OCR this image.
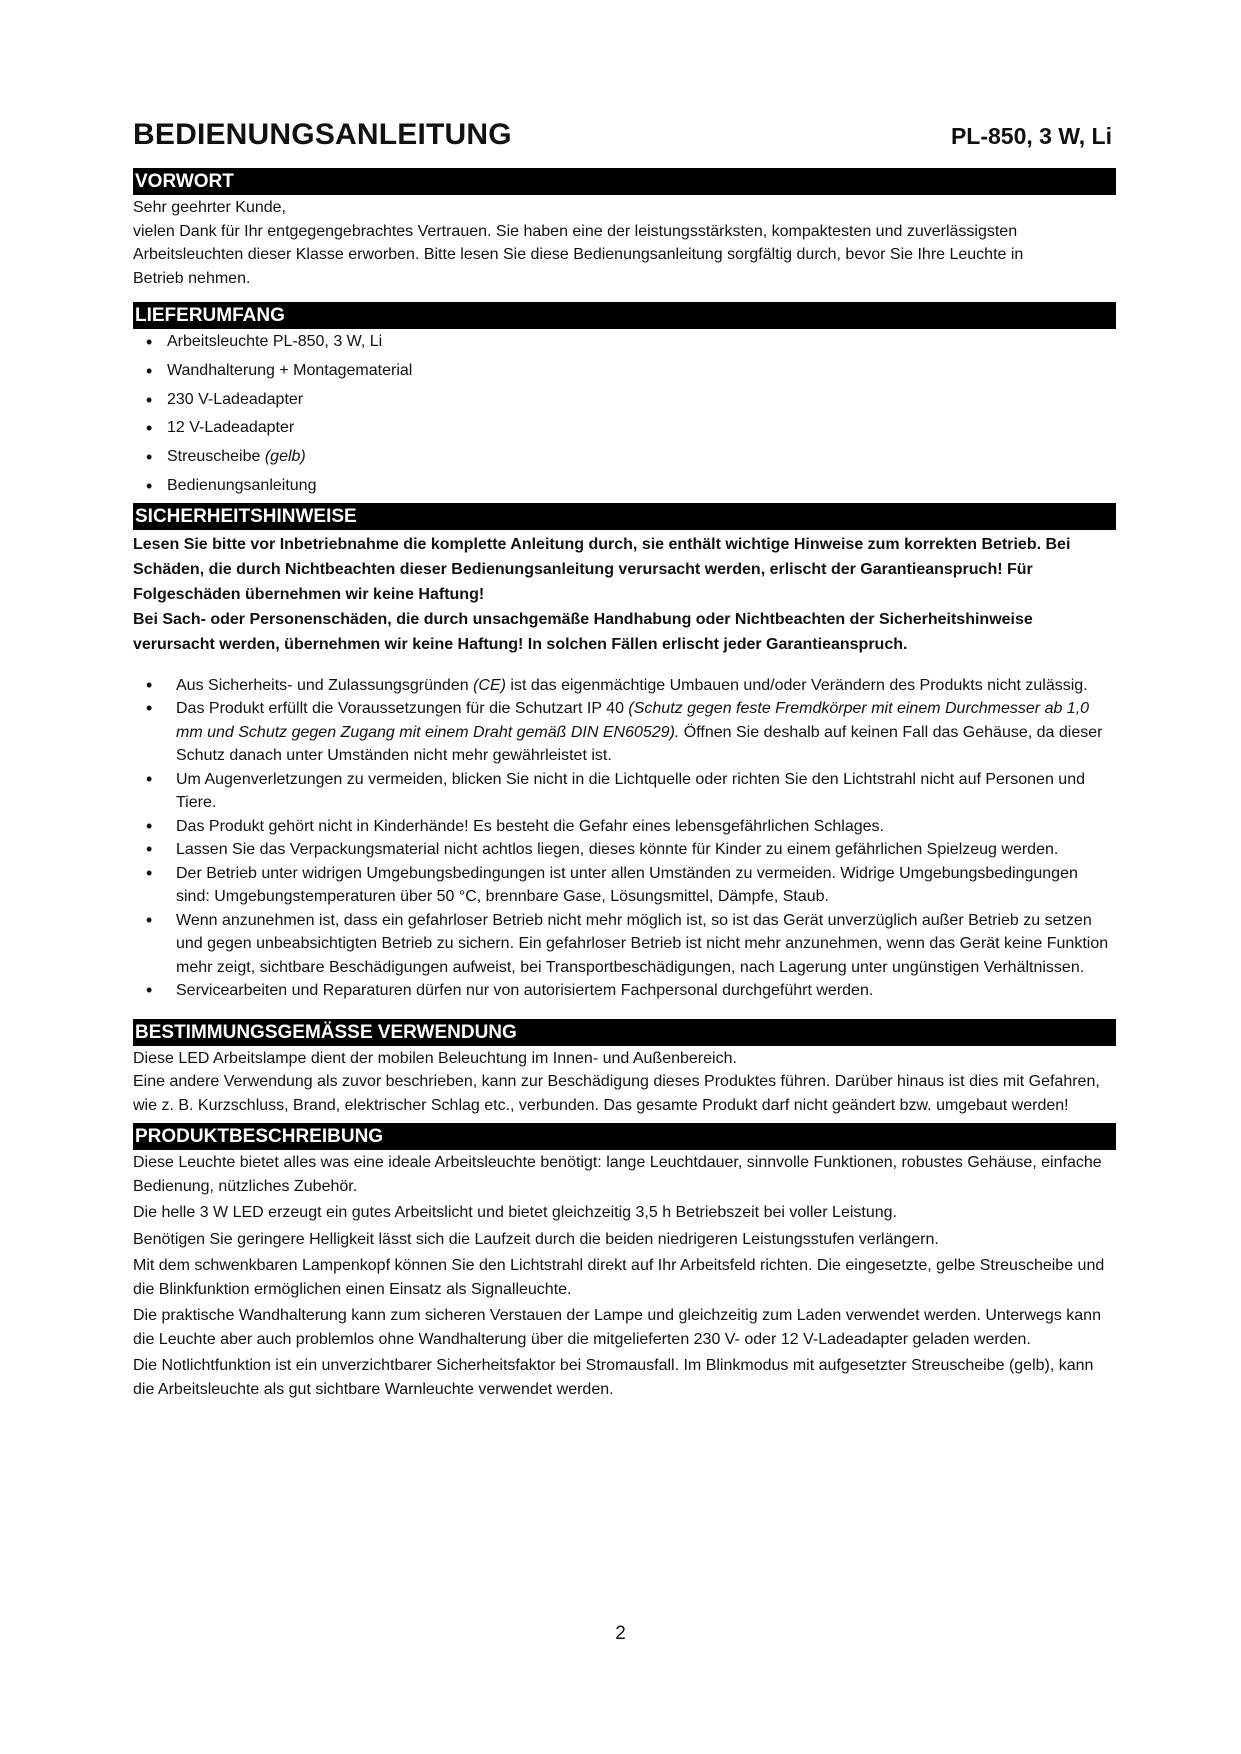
BEDIENUNGSANLEITUNG	PL-850, 3 W, Li
VORWORT

Sehr geehrter Kunde,

vielen Dank für Ihr entgegengebrachtes Vertrauen. Sie haben eine der leistungsstärksten, kompaktesten und zuverlässigsten Arbeitsleuchten dieser Klasse erworben. Bitte lesen Sie diese Bedienungsanleitung sorgfältig durch, bevor Sie Ihre Leuchte in Betrieb nehmen.

LIEFERUMFANG
• Arbeitsleuchte PL-850, 3 W, Li
• Wandhalterung + Montagematerial
• 230 V-Ladeadapter
• 12 V-Ladeadapter
• Streuscheibe (gelb)
• Bedienungsanleitung
SICHERHEITSHINWEISE

Lesen Sie bitte vor Inbetriebnahme die komplette Anleitung durch, sie enthält wichtige Hinweise zum korrekten Betrieb. Bei Schäden, die durch Nichtbeachten dieser Bedienungsanleitung verursacht werden, erlischt der Garantieanspruch! Für Folgeschäden übernehmen wir keine Haftung!

Bei Sach- oder Personenschäden, die durch unsachgemäße Handhabung oder Nichtbeachten der Sicherheitshinweise verursacht werden, übernehmen wir keine Haftung! In solchen Fällen erlischt jeder Garantieanspruch.

• Aus Sicherheits- und Zulassungsgründen (CE) ist das eigenmächtige Umbauen und/oder Verändern des Produkts nicht zulässig.
• Das Produkt erfüllt die Voraussetzungen für die Schutzart IP 40 (Schutz gegen feste Fremdkörper mit einem Durchmesser ab 1,0 mm und Schutz gegen Zugang mit einem Draht gemäß DIN EN60529). Öffnen Sie deshalb auf keinen Fall das Gehäuse, da dieser Schutz danach unter Umständen nicht mehr gewährleistet ist.
• Um Augenverletzungen zu vermeiden, blicken Sie nicht in die Lichtquelle oder richten Sie den Lichtstrahl nicht auf Personen und Tiere.
• Das Produkt gehört nicht in Kinderhände! Es besteht die Gefahr eines lebensgefährlichen Schlages.
• Lassen Sie das Verpackungsmaterial nicht achtlos liegen, dieses könnte für Kinder zu einem gefährlichen Spielzeug werden.
• Der Betrieb unter widrigen Umgebungsbedingungen ist unter allen Umständen zu vermeiden. Widrige Umgebungsbedingungen sind: Umgebungstemperaturen über 50 °C, brennbare Gase, Lösungsmittel, Dämpfe, Staub.
• Wenn anzunehmen ist, dass ein gefahrloser Betrieb nicht mehr möglich ist, so ist das Gerät unverzüglich außer Betrieb zu setzen und gegen unbeabsichtigten Betrieb zu sichern. Ein gefahrloser Betrieb ist nicht mehr anzunehmen, wenn das Gerät keine Funktion mehr zeigt, sichtbare Beschädigungen aufweist, bei Transportbeschädigungen, nach Lagerung unter ungünstigen Verhältnissen.
• Servicearbeiten und Reparaturen dürfen nur von autorisiertem Fachpersonal durchgeführt werden.
BESTIMMUNGSGEMÄSSE VERWENDUNG

Diese LED Arbeitslampe dient der mobilen Beleuchtung im Innen- und Außenbereich.

Eine andere Verwendung als zuvor beschrieben, kann zur Beschädigung dieses Produktes führen. Darüber hinaus ist dies mit Gefahren, wie z. B. Kurzschluss, Brand, elektrischer Schlag etc., verbunden. Das gesamte Produkt darf nicht geändert bzw. umgebaut werden!

PRODUKTBESCHREIBUNG

Diese Leuchte bietet alles was eine ideale Arbeitsleuchte benötigt: lange Leuchtdauer, sinnvolle Funktionen, robustes Gehäuse, einfache Bedienung, nützliches Zubehör.

Die helle 3 W LED erzeugt ein gutes Arbeitslicht und bietet gleichzeitig 3,5 h Betriebszeit bei voller Leistung.

Benötigen Sie geringere Helligkeit lässt sich die Laufzeit durch die beiden niedrigeren Leistungsstufen verlängern.

Mit dem schwenkbaren Lampenkopf können Sie den Lichtstrahl direkt auf Ihr Arbeitsfeld richten. Die eingesetzte, gelbe Streuscheibe und die Blinkfunktion ermöglichen einen Einsatz als Signalleuchte.

Die praktische Wandhalterung kann zum sicheren Verstauen der Lampe und gleichzeitig zum Laden verwendet werden. Unterwegs kann die Leuchte aber auch problemlos ohne Wandhalterung über die mitgelieferten 230 V- oder 12 V-Ladeadapter geladen werden.

Die Notlichtfunktion ist ein unverzichtbarer Sicherheitsfaktor bei Stromausfall. Im Blinkmodus mit aufgesetzter Streuscheibe (gelb), kann die Arbeitsleuchte als gut sichtbare Warnleuchte verwendet werden.

2
